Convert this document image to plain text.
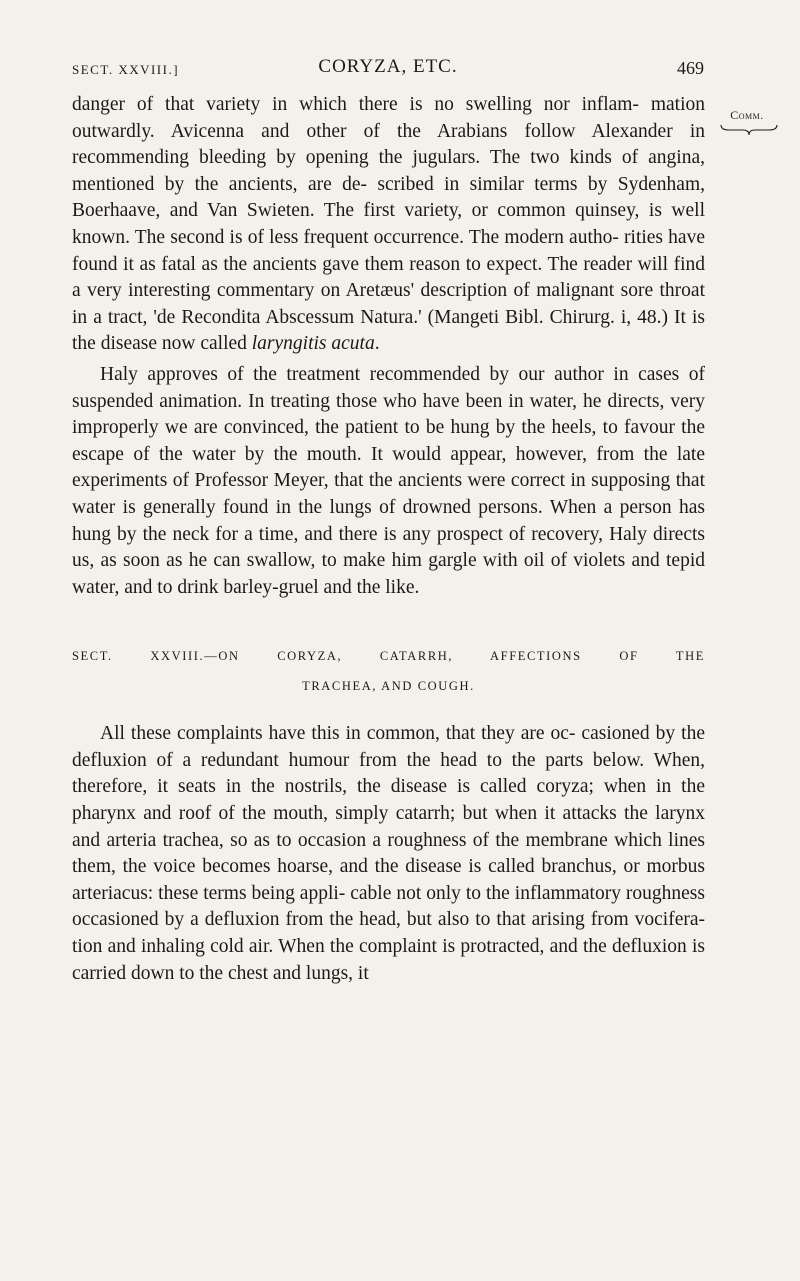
SECT. XXVIII.]	CORYZA, ETC.	469
Comm.

danger of that variety in which there is no swelling nor inflam- mation outwardly. Avicenna and other of the Arabians follow Alexander in recommending bleeding by opening the jugulars. The two kinds of angina, mentioned by the ancients, are de- scribed in similar terms by Sydenham, Boerhaave, and Van Swieten. The first variety, or common quinsey, is well known. The second is of less frequent occurrence. The modern autho- rities have found it as fatal as the ancients gave them reason to expect. The reader will find a very interesting commentary on Aretæus' description of malignant sore throat in a tract, 'de Recondita Abscessum Natura.' (Mangeti Bibl. Chirurg. i, 48.) It is the disease now called laryngitis acuta.

Haly approves of the treatment recommended by our author in cases of suspended animation. In treating those who have been in water, he directs, very improperly we are convinced, the patient to be hung by the heels, to favour the escape of the water by the mouth. It would appear, however, from the late experiments of Professor Meyer, that the ancients were correct in supposing that water is generally found in the lungs of drowned persons. When a person has hung by the neck for a time, and there is any prospect of recovery, Haly directs us, as soon as he can swallow, to make him gargle with oil of violets and tepid water, and to drink barley-gruel and the like.

SECT. XXVIII.—ON CORYZA, CATARRH, AFFECTIONS OF THE
TRACHEA, AND COUGH.

All these complaints have this in common, that they are oc- casioned by the defluxion of a redundant humour from the head to the parts below. When, therefore, it seats in the nostrils, the disease is called coryza; when in the pharynx and roof of the mouth, simply catarrh; but when it attacks the larynx and arteria trachea, so as to occasion a roughness of the membrane which lines them, the voice becomes hoarse, and the disease is called branchus, or morbus arteriacus: these terms being appli- cable not only to the inflammatory roughness occasioned by a defluxion from the head, but also to that arising from vocifera- tion and inhaling cold air. When the complaint is protracted, and the defluxion is carried down to the chest and lungs, it
